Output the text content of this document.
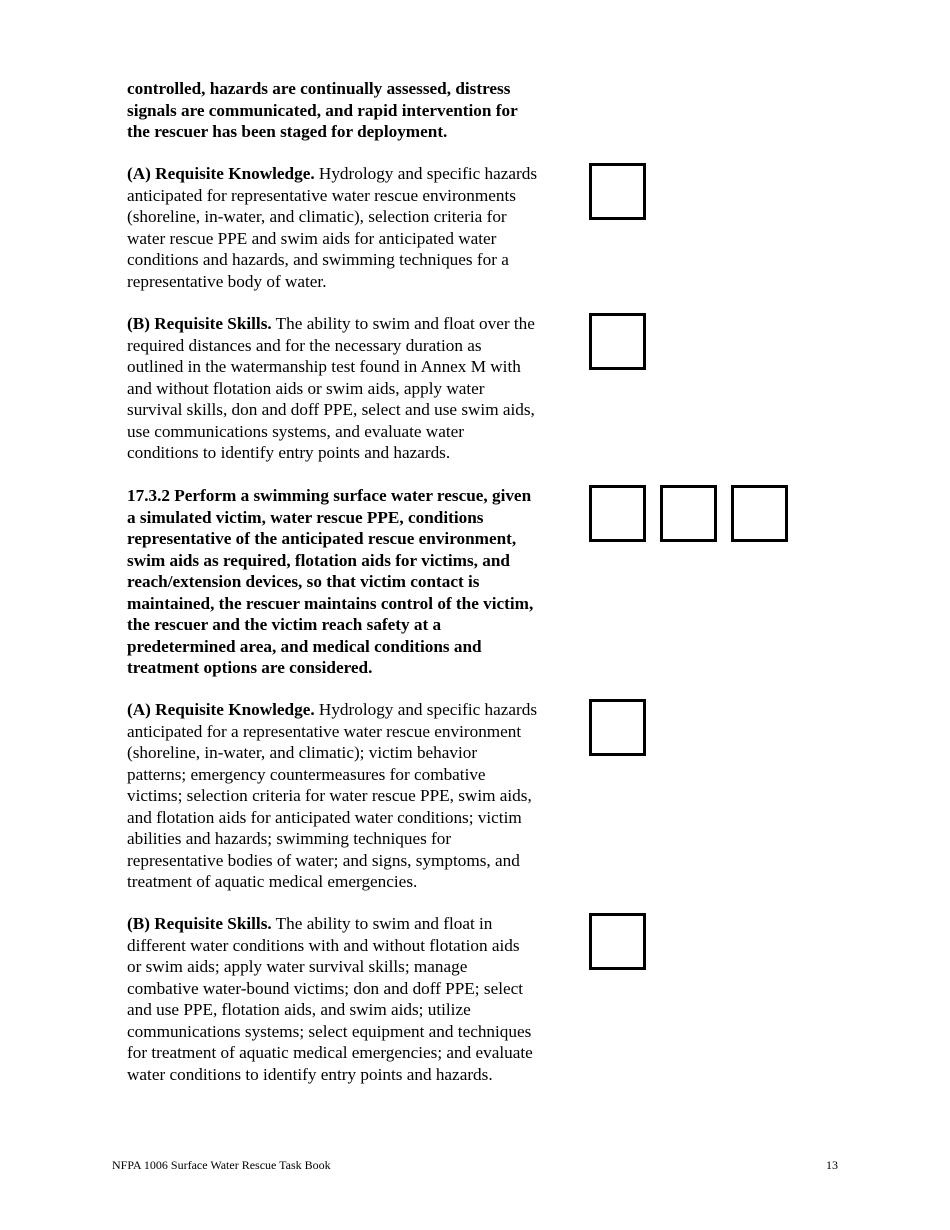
controlled, hazards are continually assessed, distress
signals are communicated, and rapid intervention for
the rescuer has been staged for deployment.
(A) Requisite Knowledge. Hydrology and specific hazards
anticipated for representative water rescue environments
(shoreline, in-water, and climatic), selection criteria for
water rescue PPE and swim aids for anticipated water
conditions and hazards, and swimming techniques for a
representative body of water.
(B) Requisite Skills. The ability to swim and float over the
required distances and for the necessary duration as
outlined in the watermanship test found in Annex M with
and without flotation aids or swim aids, apply water
survival skills, don and doff PPE, select and use swim aids,
use communications systems, and evaluate water
conditions to identify entry points and hazards.
17.3.2 Perform a swimming surface water rescue, given
a simulated victim, water rescue PPE, conditions
representative of the anticipated rescue environment,
swim aids as required, flotation aids for victims, and
reach/extension devices, so that victim contact is
maintained, the rescuer maintains control of the victim,
the rescuer and the victim reach safety at a
predetermined area, and medical conditions and
treatment options are considered.
(A) Requisite Knowledge. Hydrology and specific hazards
anticipated for a representative water rescue environment
(shoreline, in-water, and climatic); victim behavior
patterns; emergency countermeasures for combative
victims; selection criteria for water rescue PPE, swim aids,
and flotation aids for anticipated water conditions; victim
abilities and hazards; swimming techniques for
representative bodies of water; and signs, symptoms, and
treatment of aquatic medical emergencies.
(B) Requisite Skills. The ability to swim and float in
different water conditions with and without flotation aids
or swim aids; apply water survival skills; manage
combative water-bound victims; don and doff PPE; select
and use PPE, flotation aids, and swim aids; utilize
communications systems; select equipment and techniques
for treatment of aquatic medical emergencies; and evaluate
water conditions to identify entry points and hazards.
NFPA 1006 Surface Water Rescue Task Book	13
